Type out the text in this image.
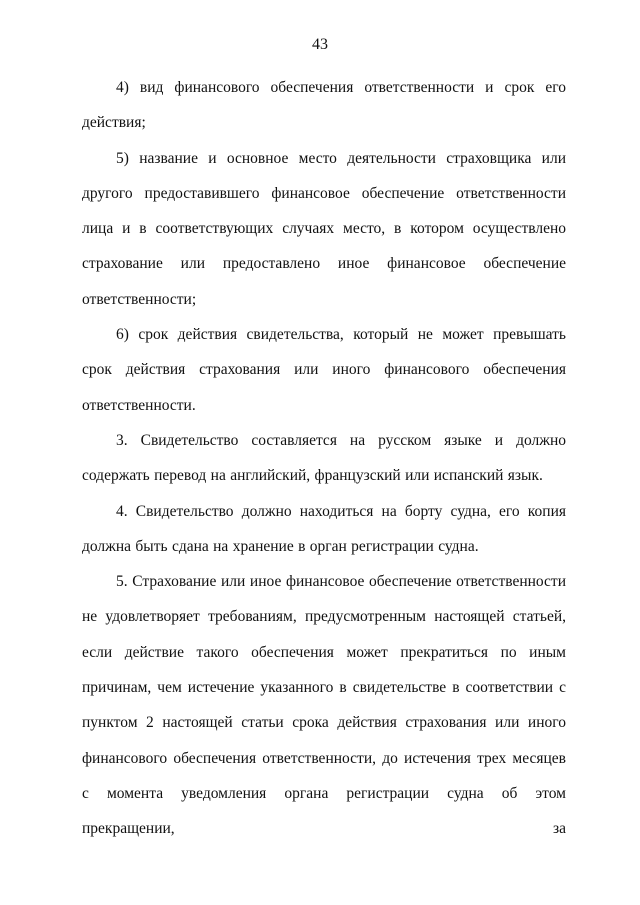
43

4) вид финансового обеспечения ответственности и срок его действия;

5) название и основное место деятельности страховщика или другого предоставившего финансовое обеспечение ответственности лица и в соответствующих случаях место, в котором осуществлено страхование или предоставлено иное финансовое обеспечение ответственности;

6) срок действия свидетельства, который не может превышать срок действия страхования или иного финансового обеспечения ответственности.

3. Свидетельство составляется на русском языке и должно содержать перевод на английский, французский или испанский язык.

4. Свидетельство должно находиться на борту судна, его копия должна быть сдана на хранение в орган регистрации судна.

5. Страхование или иное финансовое обеспечение ответственности не удовлетворяет требованиям, предусмотренным настоящей статьей, если действие такого обеспечения может прекратиться по иным причинам, чем истечение указанного в свидетельстве в соответствии с пунктом 2 настоящей статьи срока действия страхования или иного финансового обеспечения ответственности, до истечения трех месяцев с момента уведомления органа регистрации судна об этом прекращении, за
